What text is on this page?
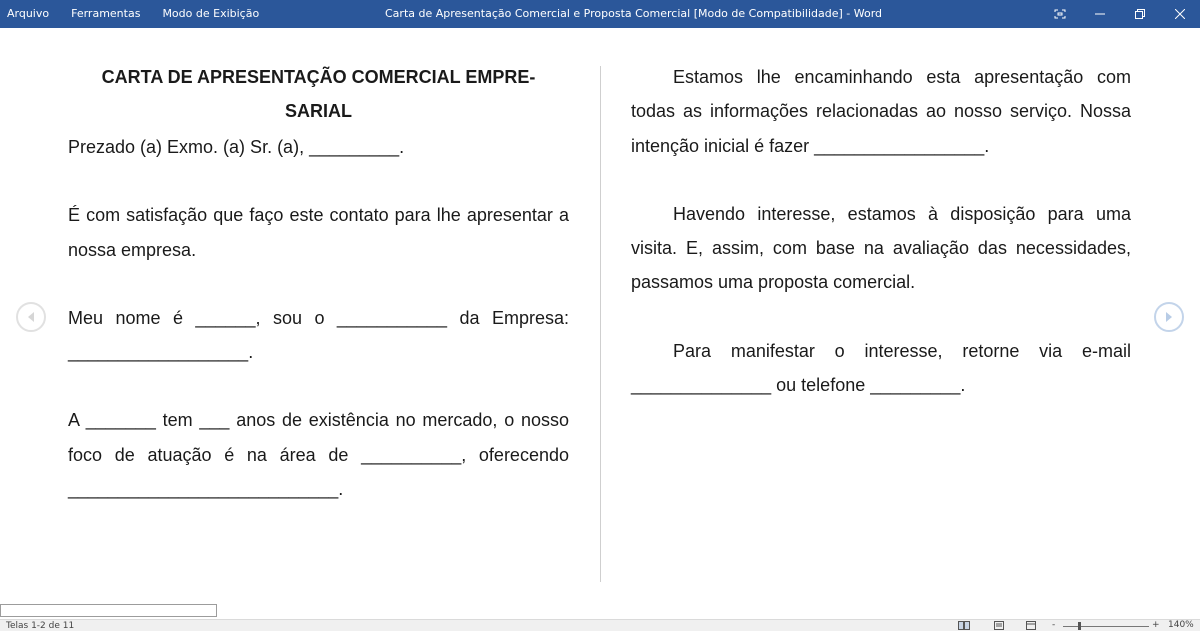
Arquivo	Ferramentas	Modo de Exibição	Carta de Apresentação Comercial e Proposta Comercial [Modo de Compatibilidade] - Word

CARTA DE APRESENTAÇÃO COMERCIAL EMPRE-
SARIAL

Prezado (a) Exmo. (a) Sr. (a), _________.

É com satisfação que faço este contato para lhe apresentar a nossa empresa.

Meu nome é ______, sou o ___________ da Empresa: __________________.

A _______ tem ___ anos de existência no mercado, o nosso foco de atuação é na área de __________, oferecendo ___________________________.

Estamos lhe encaminhando esta apresentação com todas as informações relacionadas ao nosso serviço. Nossa intenção inicial é fazer _________________.

Havendo interesse, estamos à disposição para uma visita. E, assim, com base na avaliação das necessidades, passamos uma proposta comercial.

Para manifestar o interesse, retorne via e-mail ______________ ou telefone _________.

Telas 1-2 de 11	-	+ 140%
